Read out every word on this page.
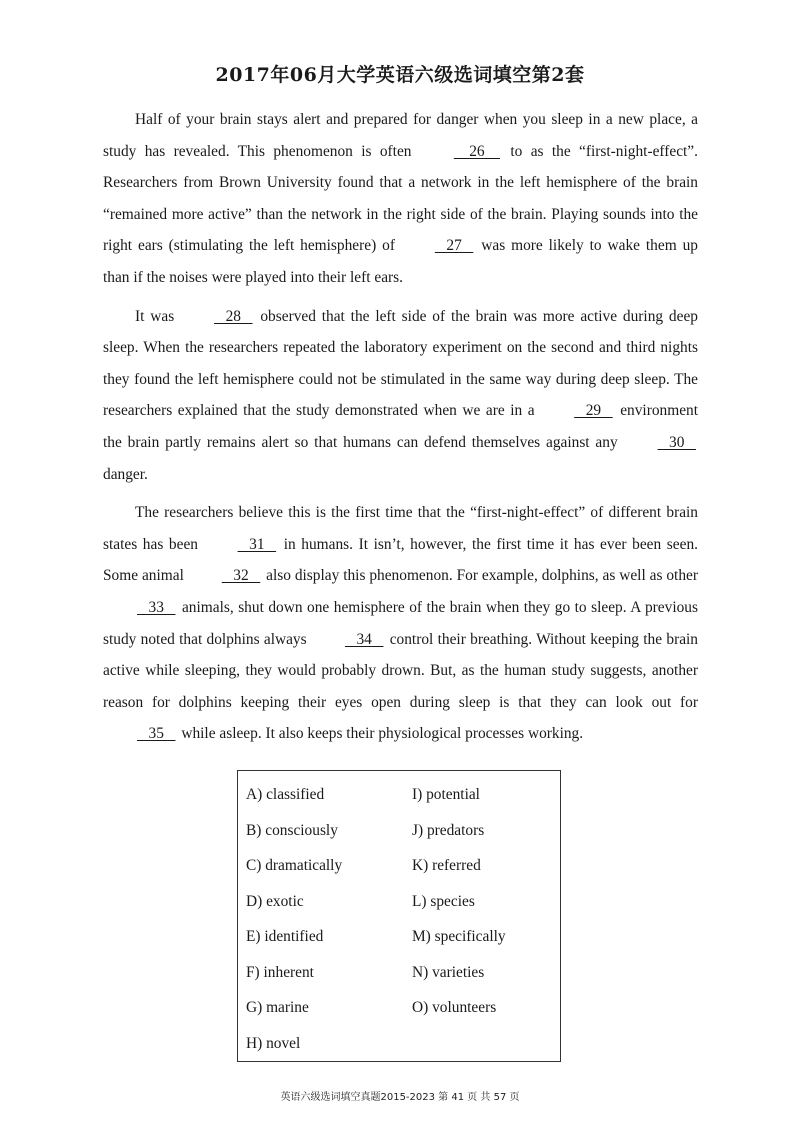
2017年06月大学英语六级选词填空第2套

Half of your brain stays alert and prepared for danger when you sleep in a new place, a study has revealed. This phenomenon is often     26     to as the “first-night-effect”. Researchers from Brown University found that a network in the left hemisphere of the brain “remained more active” than the network in the right side of the brain. Playing sounds into the right ears (stimulating the left hemisphere) of    27    was more likely to wake them up than if the noises were played into their left ears.

It was    28    observed that the left side of the brain was more active during deep sleep. When the researchers repeated the laboratory experiment on the second and third nights they found the left hemisphere could not be stimulated in the same way during deep sleep. The researchers explained that the study demonstrated when we are in a    29    environment the brain partly remains alert so that humans can defend themselves against any    30    danger.

The researchers believe this is the first time that the “first-night-effect” of different brain states has been    31    in humans. It isn’t, however, the first time it has ever been seen. Some animal    32    also display this phenomenon. For example, dolphins, as well as other    33    animals, shut down one hemisphere of the brain when they go to sleep. A previous study noted that dolphins always    34    control their breathing. Without keeping the brain active while sleeping, they would probably drown. But, as the human study suggests, another reason for dolphins keeping their eyes open during sleep is that they can look out for    35    while asleep. It also keeps their physiological processes working.

A) classified
B) consciously
C) dramatically
D) exotic
E) identified
F) inherent
G) marine
H) novel
I) potential
J) predators
K) referred
L) species
M) specifically
N) varieties
O) volunteers
英语六级选词填空真题2015-2023 第 41 页 共 57 页
